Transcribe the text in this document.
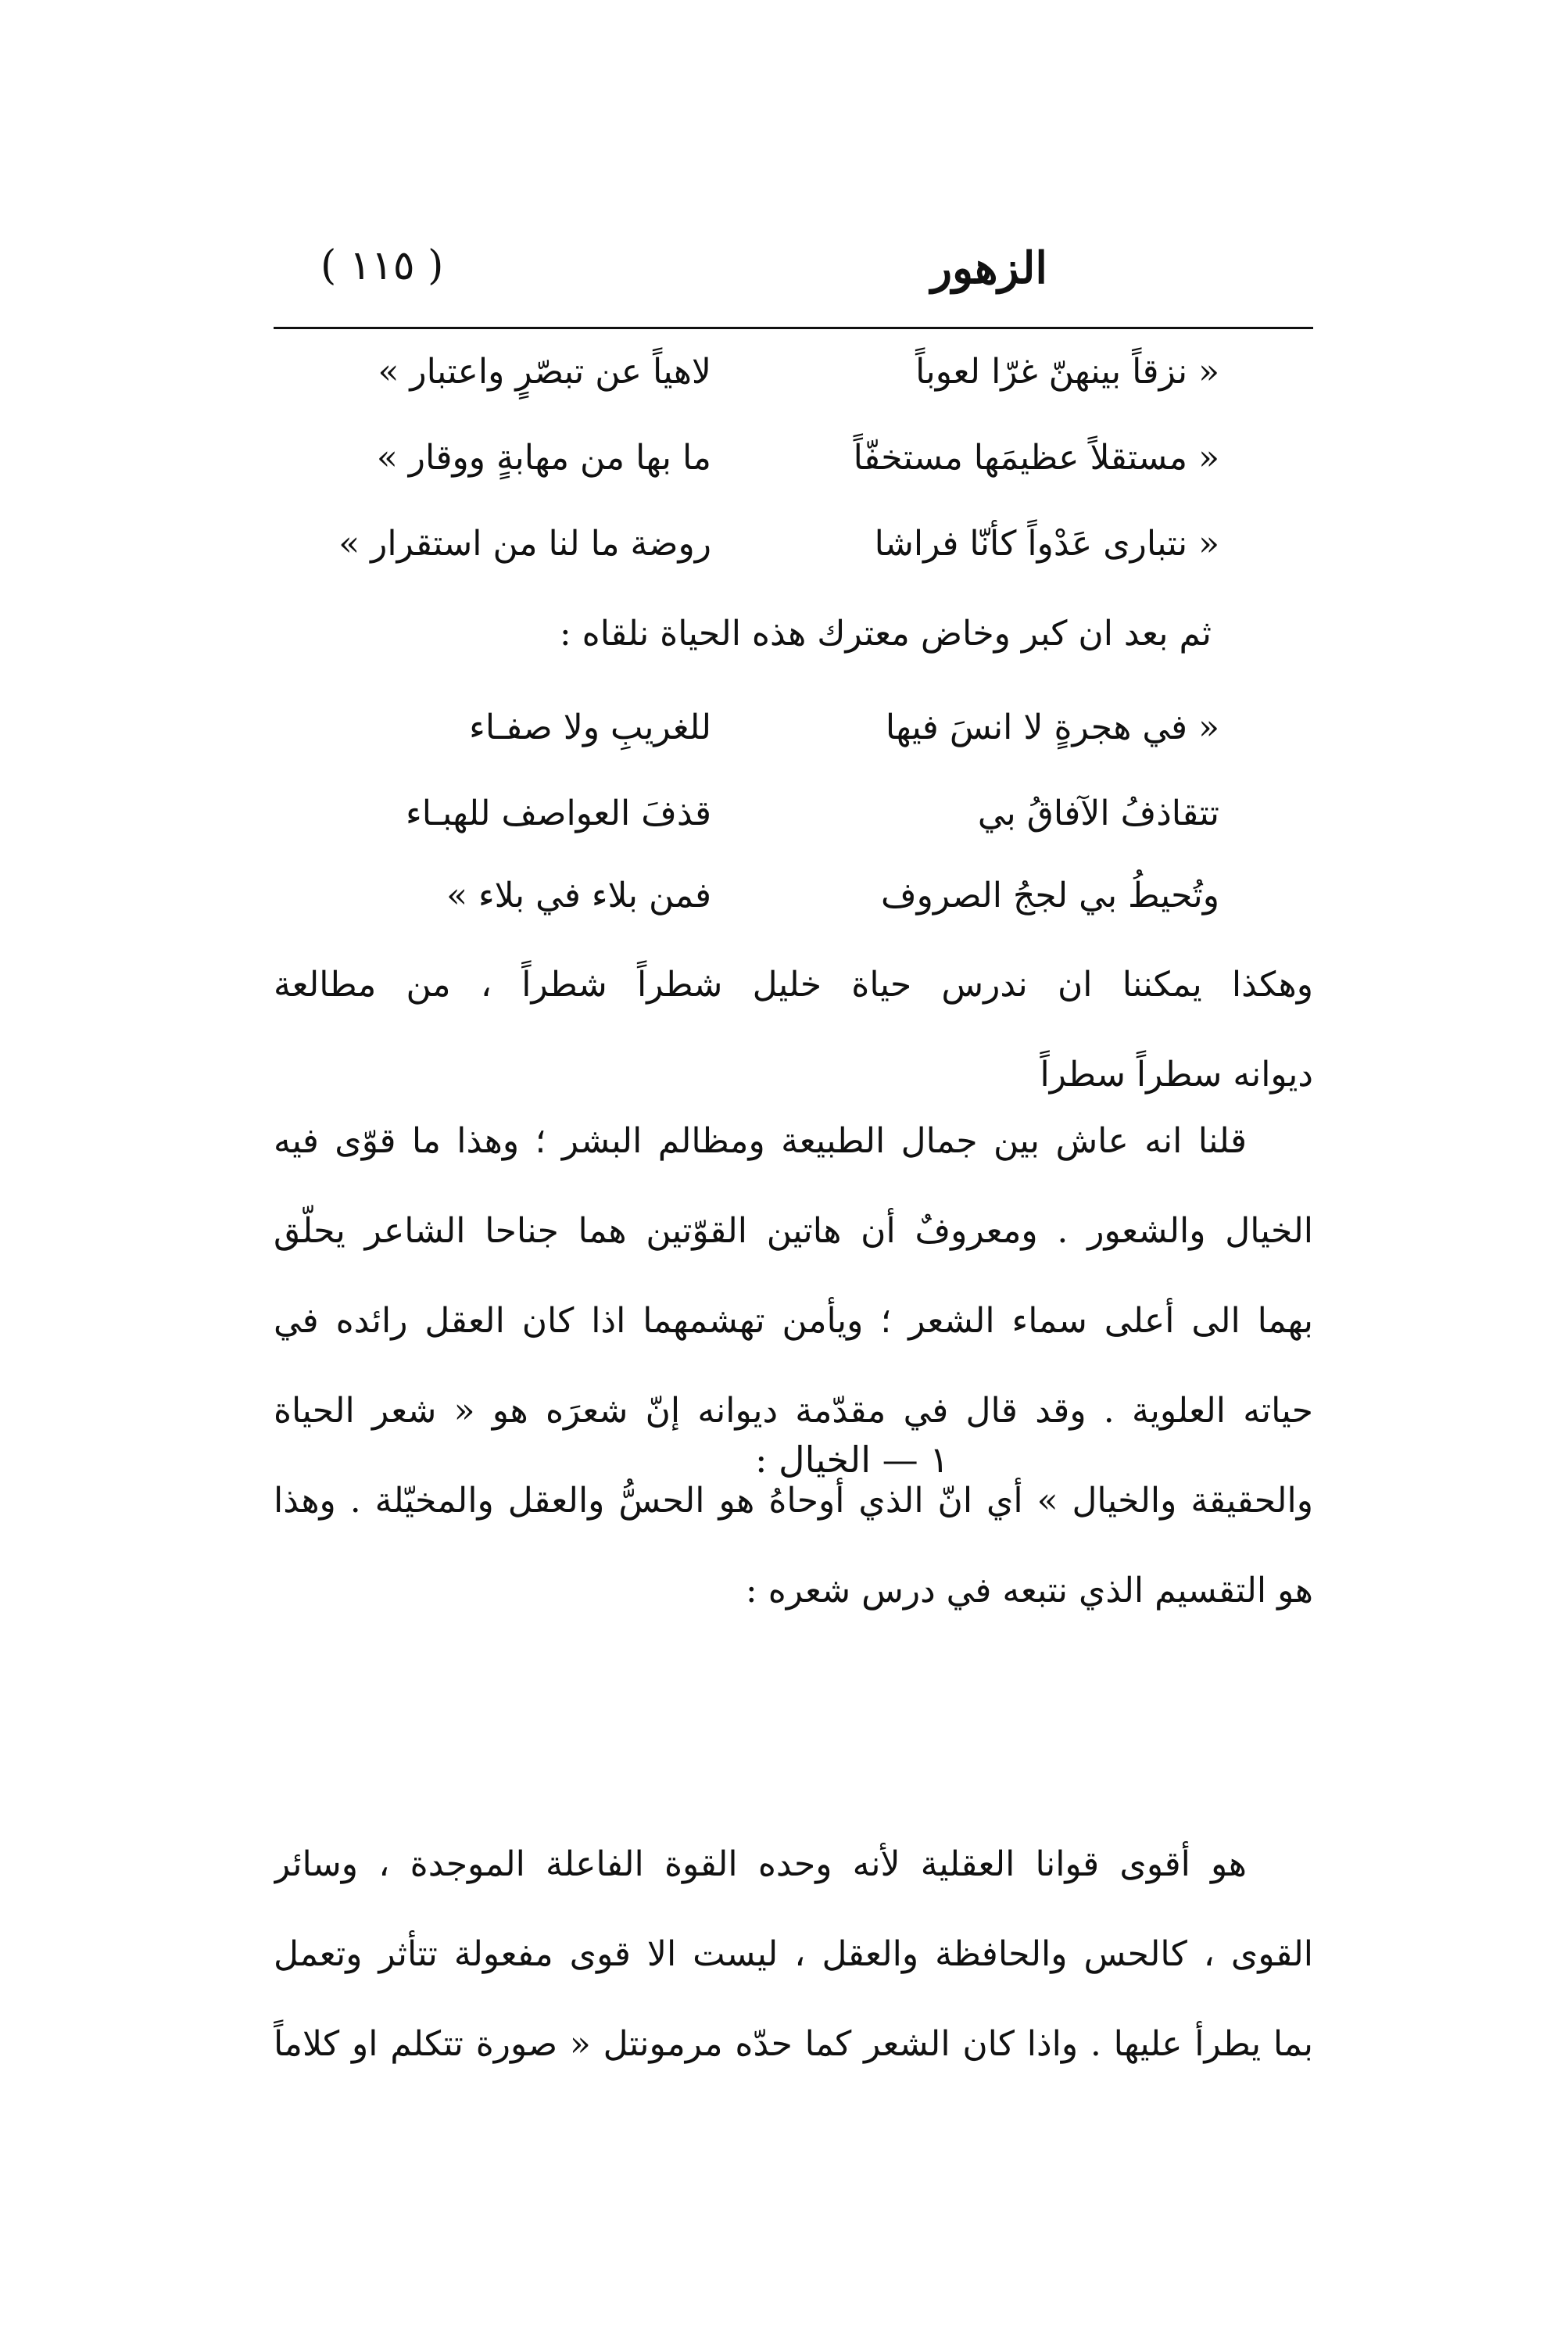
الزهور
( ١١٥ )
« نزقاً بينهنّ غرّا لعوباً
لاهياً عن تبصّرٍ واعتبار »
« مستقلاً عظيمَها مستخفّاً
ما بها من مهابةٍ ووقار »
« نتبارى عَدْواً كأنّا فراشا
روضة ما لنا من استقرار »
ثم بعد ان كبر وخاض معترك هذه الحياة نلقاه :
« في هجرةٍ لا انسَ فيها
للغريبِ ولا صفـاء
تتقاذفُ الآفاقُ بي
قذفَ العواصف للهبـاء
وتُحيطُ بي لججُ الصروف
فمن بلاء في بلاء »
وهكذا يمكننا ان ندرس حياة خليل شطراً شطراً ، من مطالعة
ديوانه سطراً سطراً
قلنا انه عاش بين جمال الطبيعة ومظالم البشر ؛ وهذا ما قوّى فيه
الخيال والشعور . ومعروفٌ أن هاتين القوّتين هما جناحا الشاعر يحلّق
بهما الى أعلى سماء الشعر ؛ ويأمن تهشمهما اذا كان العقل رائده في
حياته العلوية . وقد قال في مقدّمة ديوانه إنّ شعرَه هو « شعر الحياة
والحقيقة والخيال » أي انّ الذي أوحاهُ هو الحسُّ والعقل والمخيّلة . وهذا
هو التقسيم الذي نتبعه في درس شعره :
١ — الخيال :
هو أقوى قوانا العقلية لأنه وحده القوة الفاعلة الموجدة ، وسائر
القوى ، كالحس والحافظة والعقل ، ليست الا قوى مفعولة تتأثر وتعمل
بما يطرأ عليها . واذا كان الشعر كما حدّه مرمونتل « صورة تتكلم او كلاماً
